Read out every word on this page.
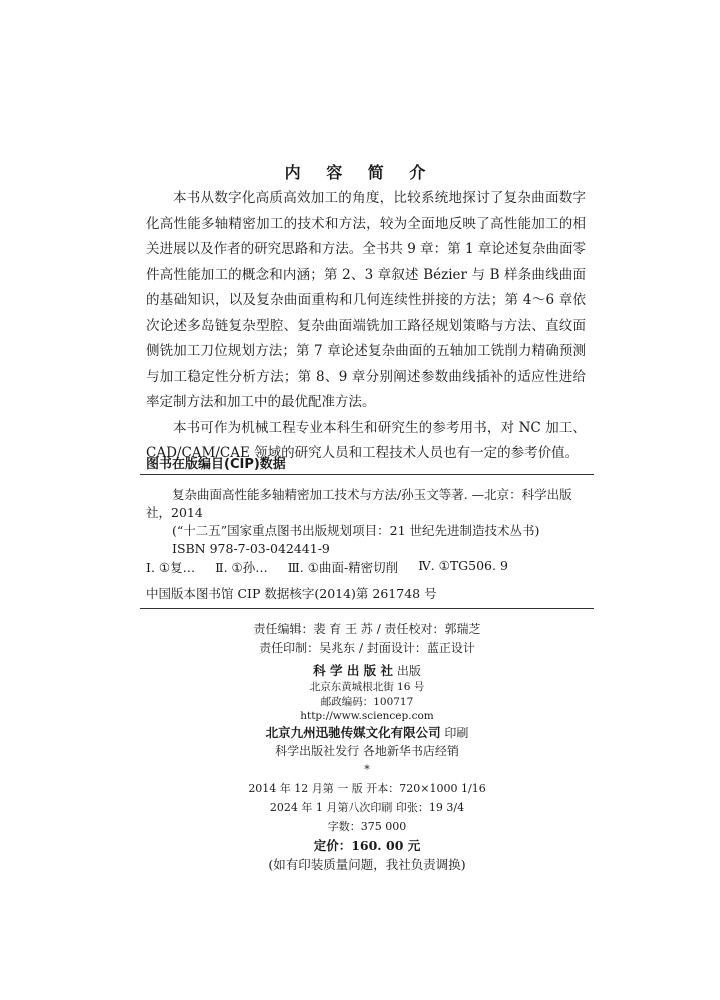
内 容 简 介

本书从数字化高质高效加工的角度，比较系统地探讨了复杂曲面数字化高性能多轴精密加工的技术和方法，较为全面地反映了高性能加工的相关进展以及作者的研究思路和方法。全书共 9 章：第 1 章论述复杂曲面零件高性能加工的概念和内涵；第 2、3 章叙述 Bézier 与 B 样条曲线曲面的基础知识，以及复杂曲面重构和几何连续性拼接的方法；第 4～6 章依次论述多岛链复杂型腔、复杂曲面端铣加工路径规划策略与方法、直纹面侧铣加工刀位规划方法；第 7 章论述复杂曲面的五轴加工铣削力精确预测与加工稳定性分析方法；第 8、9 章分别阐述参数曲线插补的适应性进给率定制方法和加工中的最优配准方法。

本书可作为机械工程专业本科生和研究生的参考用书，对 NC 加工、CAD/CAM/CAE 领域的研究人员和工程技术人员也有一定的参考价值。

图书在版编目(CIP)数据
复杂曲面高性能多轴精密加工技术与方法/孙玉文等著. —北京：科学出版社，2014
(“十二五”国家重点图书出版规划项目：21 世纪先进制造技术丛书)
ISBN 978-7-03-042441-9
Ⅰ. ①复… Ⅱ. ①孙… Ⅲ. ①曲面-精密切削 Ⅳ. ①TG506. 9
中国版本图书馆 CIP 数据核字(2014)第 261748 号
责任编辑：裴 育 王 苏 / 责任校对：郭瑞芝
责任印制：吴兆东 / 封面设计：蓝正设计
科 学 出 版 社 出版
北京东黄城根北街 16 号
邮政编码：100717
http://www.sciencep.com
北京九州迅驰传媒文化有限公司 印刷
科学出版社发行 各地新华书店经销
*
2014 年 12 月第 一 版 开本：720×1000 1/16
2024 年 1 月第八次印刷 印张：19 3/4
字数：375 000
定价：160. 00 元
(如有印装质量问题，我社负责调换)
